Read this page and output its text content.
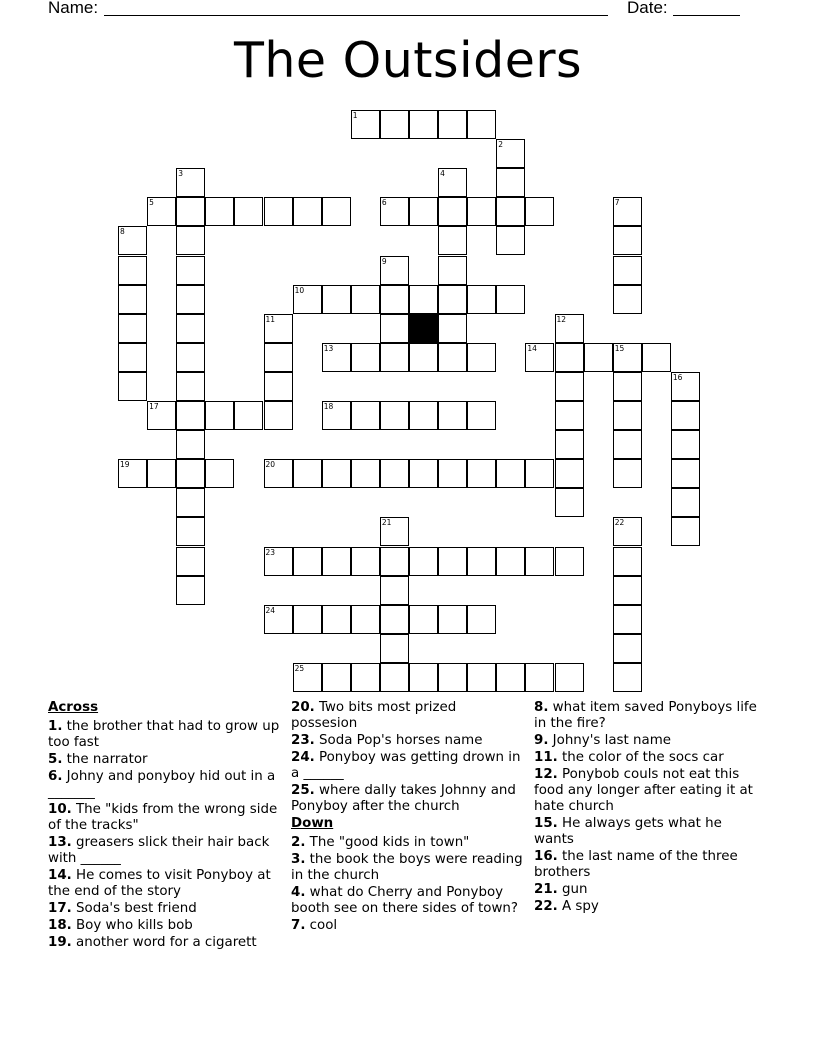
Name:	Date:
The Outsiders
1
2
3	4
5	6	7
8
9
10
11	12
13	14	15
16
17	18
19	20
21	22
23
24
25
Across
1. the brother that had to grow up too fast
5. the narrator
6. Johny and ponyboy hid out in a _______
10. The "kids from the wrong side of the tracks"
13. greasers slick their hair back with ______
14. He comes to visit Ponyboy at the end of the story
17. Soda's best friend
18. Boy who kills bob
19. another word for a cigarett
20. Two bits most prized possesion
23. Soda Pop's horses name
24. Ponyboy was getting drown in a ______
25. where dally takes Johnny and Ponyboy after the church
Down
2. The "good kids in town"
3. the book the boys were reading in the church
4. what do Cherry and Ponyboy booth see on there sides of town?
7. cool
8. what item saved Ponyboys life in the fire?
9. Johny's last name
11. the color of the socs car
12. Ponybob couls not eat this food any longer after eating it at hate church
15. He always gets what he wants
16. the last name of the three brothers
21. gun
22. A spy
